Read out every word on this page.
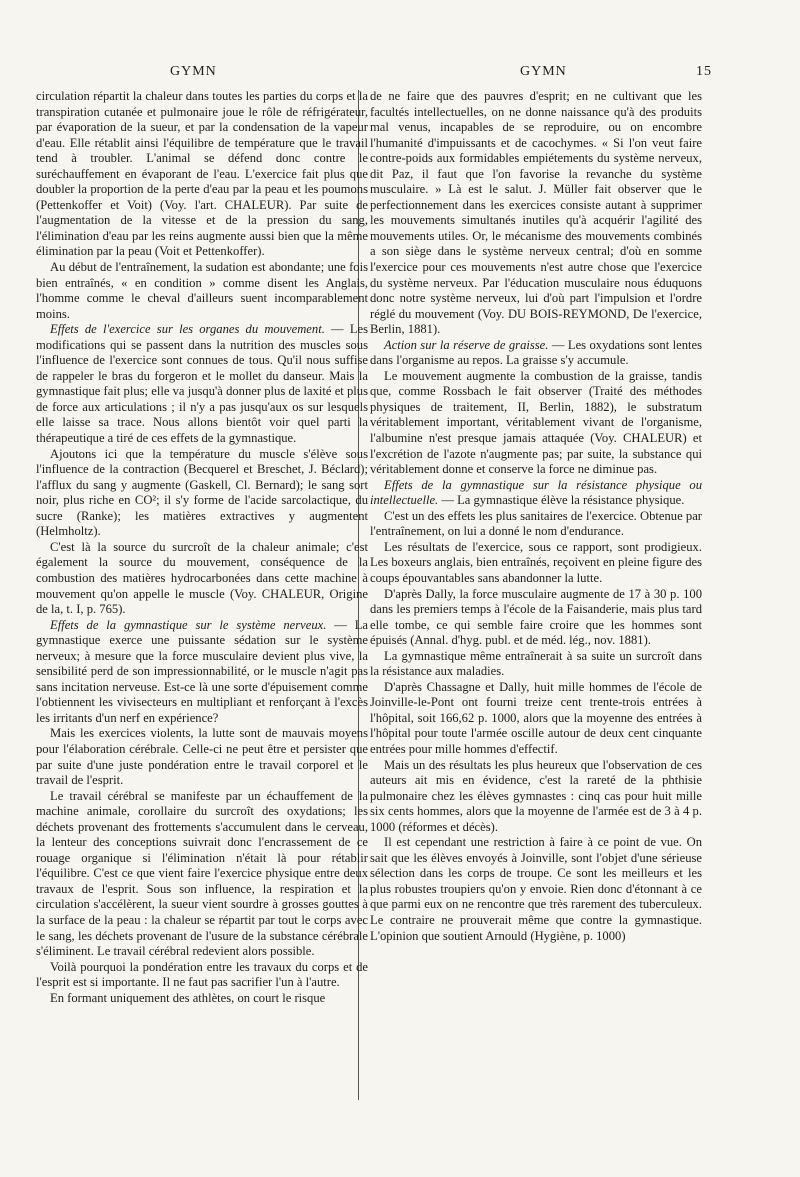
GYMN	GYMN	15

circulation répartit la chaleur dans toutes les parties du corps et la transpiration cutanée et pulmonaire joue le rôle de réfrigérateur, par évaporation de la sueur, et par la condensation de la vapeur d'eau. Elle rétablit ainsi l'équilibre de température que le travail tend à troubler. L'animal se défend donc contre le suréchauffement en évaporant de l'eau. L'exercice fait plus que doubler la proportion de la perte d'eau par la peau et les poumons (Pettenkoffer et Voit) (Voy. l'art. CHALEUR). Par suite de l'augmentation de la vitesse et de la pression du sang, l'élimination d'eau par les reins augmente aussi bien que la même élimination par la peau (Voit et Pettenkoffer).

Au début de l'entraînement, la sudation est abondante; une fois bien entraînés, « en condition » comme disent les Anglais, l'homme comme le cheval d'ailleurs suent incomparablement moins.

Effets de l'exercice sur les organes du mouvement. — Les modifications qui se passent dans la nutrition des muscles sous l'influence de l'exercice sont connues de tous. Qu'il nous suffise de rappeler le bras du forgeron et le mollet du danseur. Mais la gymnastique fait plus; elle va jusqu'à donner plus de laxité et plus de force aux articulations ; il n'y a pas jusqu'aux os sur lesquels elle laisse sa trace. Nous allons bientôt voir quel parti la thérapeutique a tiré de ces effets de la gymnastique.

Ajoutons ici que la température du muscle s'élève sous l'influence de la contraction (Becquerel et Breschet, J. Béclard); l'afflux du sang y augmente (Gaskell, Cl. Bernard); le sang sort noir, plus riche en CO²; il s'y forme de l'acide sarcolactique, du sucre (Ranke); les matières extractives y augmentent (Helmholtz).

C'est là la source du surcroît de la chaleur animale; c'est également la source du mouvement, conséquence de la combustion des matières hydrocarbonées dans cette machine à mouvement qu'on appelle le muscle (Voy. CHALEUR, Origine de la, t. I, p. 765).

Effets de la gymnastique sur le système nerveux. — La gymnastique exerce une puissante sédation sur le système nerveux; à mesure que la force musculaire devient plus vive, la sensibilité perd de son impressionnabilité, or le muscle n'agit pas sans incitation nerveuse. Est-ce là une sorte d'épuisement comme l'obtiennent les vivisecteurs en multipliant et renforçant à l'excès les irritants d'un nerf en expérience?

Mais les exercices violents, la lutte sont de mauvais moyens pour l'élaboration cérébrale. Celle-ci ne peut être et persister que par suite d'une juste pondération entre le travail corporel et le travail de l'esprit.

Le travail cérébral se manifeste par un échauffement de la machine animale, corollaire du surcroît des oxydations; les déchets provenant des frottements s'accumulent dans le cerveau, la lenteur des conceptions suivrait donc l'encrassement de ce rouage organique si l'élimination n'était là pour rétablir l'équilibre. C'est ce que vient faire l'exercice physique entre deux travaux de l'esprit. Sous son influence, la respiration et la circulation s'accélèrent, la sueur vient sourdre à grosses gouttes à la surface de la peau : la chaleur se répartit par tout le corps avec le sang, les déchets provenant de l'usure de la substance cérébrale s'éliminent. Le travail cérébral redevient alors possible.

Voilà pourquoi la pondération entre les travaux du corps et de l'esprit est si importante. Il ne faut pas sacrifier l'un à l'autre.

En formant uniquement des athlètes, on court le risque

de ne faire que des pauvres d'esprit; en ne cultivant que les facultés intellectuelles, on ne donne naissance qu'à des produits mal venus, incapables de se reproduire, ou on encombre l'humanité d'impuissants et de cacochymes. « Si l'on veut faire contre-poids aux formidables empiétements du système nerveux, dit Paz, il faut que l'on favorise la revanche du système musculaire. » Là est le salut. J. Müller fait observer que le perfectionnement dans les exercices consiste autant à supprimer les mouvements simultanés inutiles qu'à acquérir l'agilité des mouvements utiles. Or, le mécanisme des mouvements combinés a son siège dans le système nerveux central; d'où en somme l'exercice pour ces mouvements n'est autre chose que l'exercice du système nerveux. Par l'éducation musculaire nous éduquons donc notre système nerveux, lui d'où part l'impulsion et l'ordre réglé du mouvement (Voy. DU BOIS-REYMOND, De l'exercice, Berlin, 1881).

Action sur la réserve de graisse. — Les oxydations sont lentes dans l'organisme au repos. La graisse s'y accumule.

Le mouvement augmente la combustion de la graisse, tandis que, comme Rossbach le fait observer (Traité des méthodes physiques de traitement, II, Berlin, 1882), le substratum véritablement important, véritablement vivant de l'organisme, l'albumine n'est presque jamais attaquée (Voy. CHALEUR) et l'excrétion de l'azote n'augmente pas; par suite, la substance qui véritablement donne et conserve la force ne diminue pas.

Effets de la gymnastique sur la résistance physique ou intellectuelle. — La gymnastique élève la résistance physique.

C'est un des effets les plus sanitaires de l'exercice. Obtenue par l'entraînement, on lui a donné le nom d'endurance.

Les résultats de l'exercice, sous ce rapport, sont prodigieux. Les boxeurs anglais, bien entraînés, reçoivent en pleine figure des coups épouvantables sans abandonner la lutte.

D'après Dally, la force musculaire augmente de 17 à 30 p. 100 dans les premiers temps à l'école de la Faisanderie, mais plus tard elle tombe, ce qui semble faire croire que les hommes sont épuisés (Annal. d'hyg. publ. et de méd. lég., nov. 1881).

La gymnastique même entraînerait à sa suite un surcroît dans la résistance aux maladies.

D'après Chassagne et Dally, huit mille hommes de l'école de Joinville-le-Pont ont fourni treize cent trente-trois entrées à l'hôpital, soit 166,62 p. 1000, alors que la moyenne des entrées à l'hôpital pour toute l'armée oscille autour de deux cent cinquante entrées pour mille hommes d'effectif.

Mais un des résultats les plus heureux que l'observation de ces auteurs ait mis en évidence, c'est la rareté de la phthisie pulmonaire chez les élèves gymnastes : cinq cas pour huit mille six cents hommes, alors que la moyenne de l'armée est de 3 à 4 p. 1000 (réformes et décès).

Il est cependant une restriction à faire à ce point de vue. On sait que les élèves envoyés à Joinville, sont l'objet d'une sérieuse sélection dans les corps de troupe. Ce sont les meilleurs et les plus robustes troupiers qu'on y envoie. Rien donc d'étonnant à ce que parmi eux on ne rencontre que très rarement des tuberculeux. Le contraire ne prouverait même que contre la gymnastique. L'opinion que soutient Arnould (Hygiène, p. 1000)
